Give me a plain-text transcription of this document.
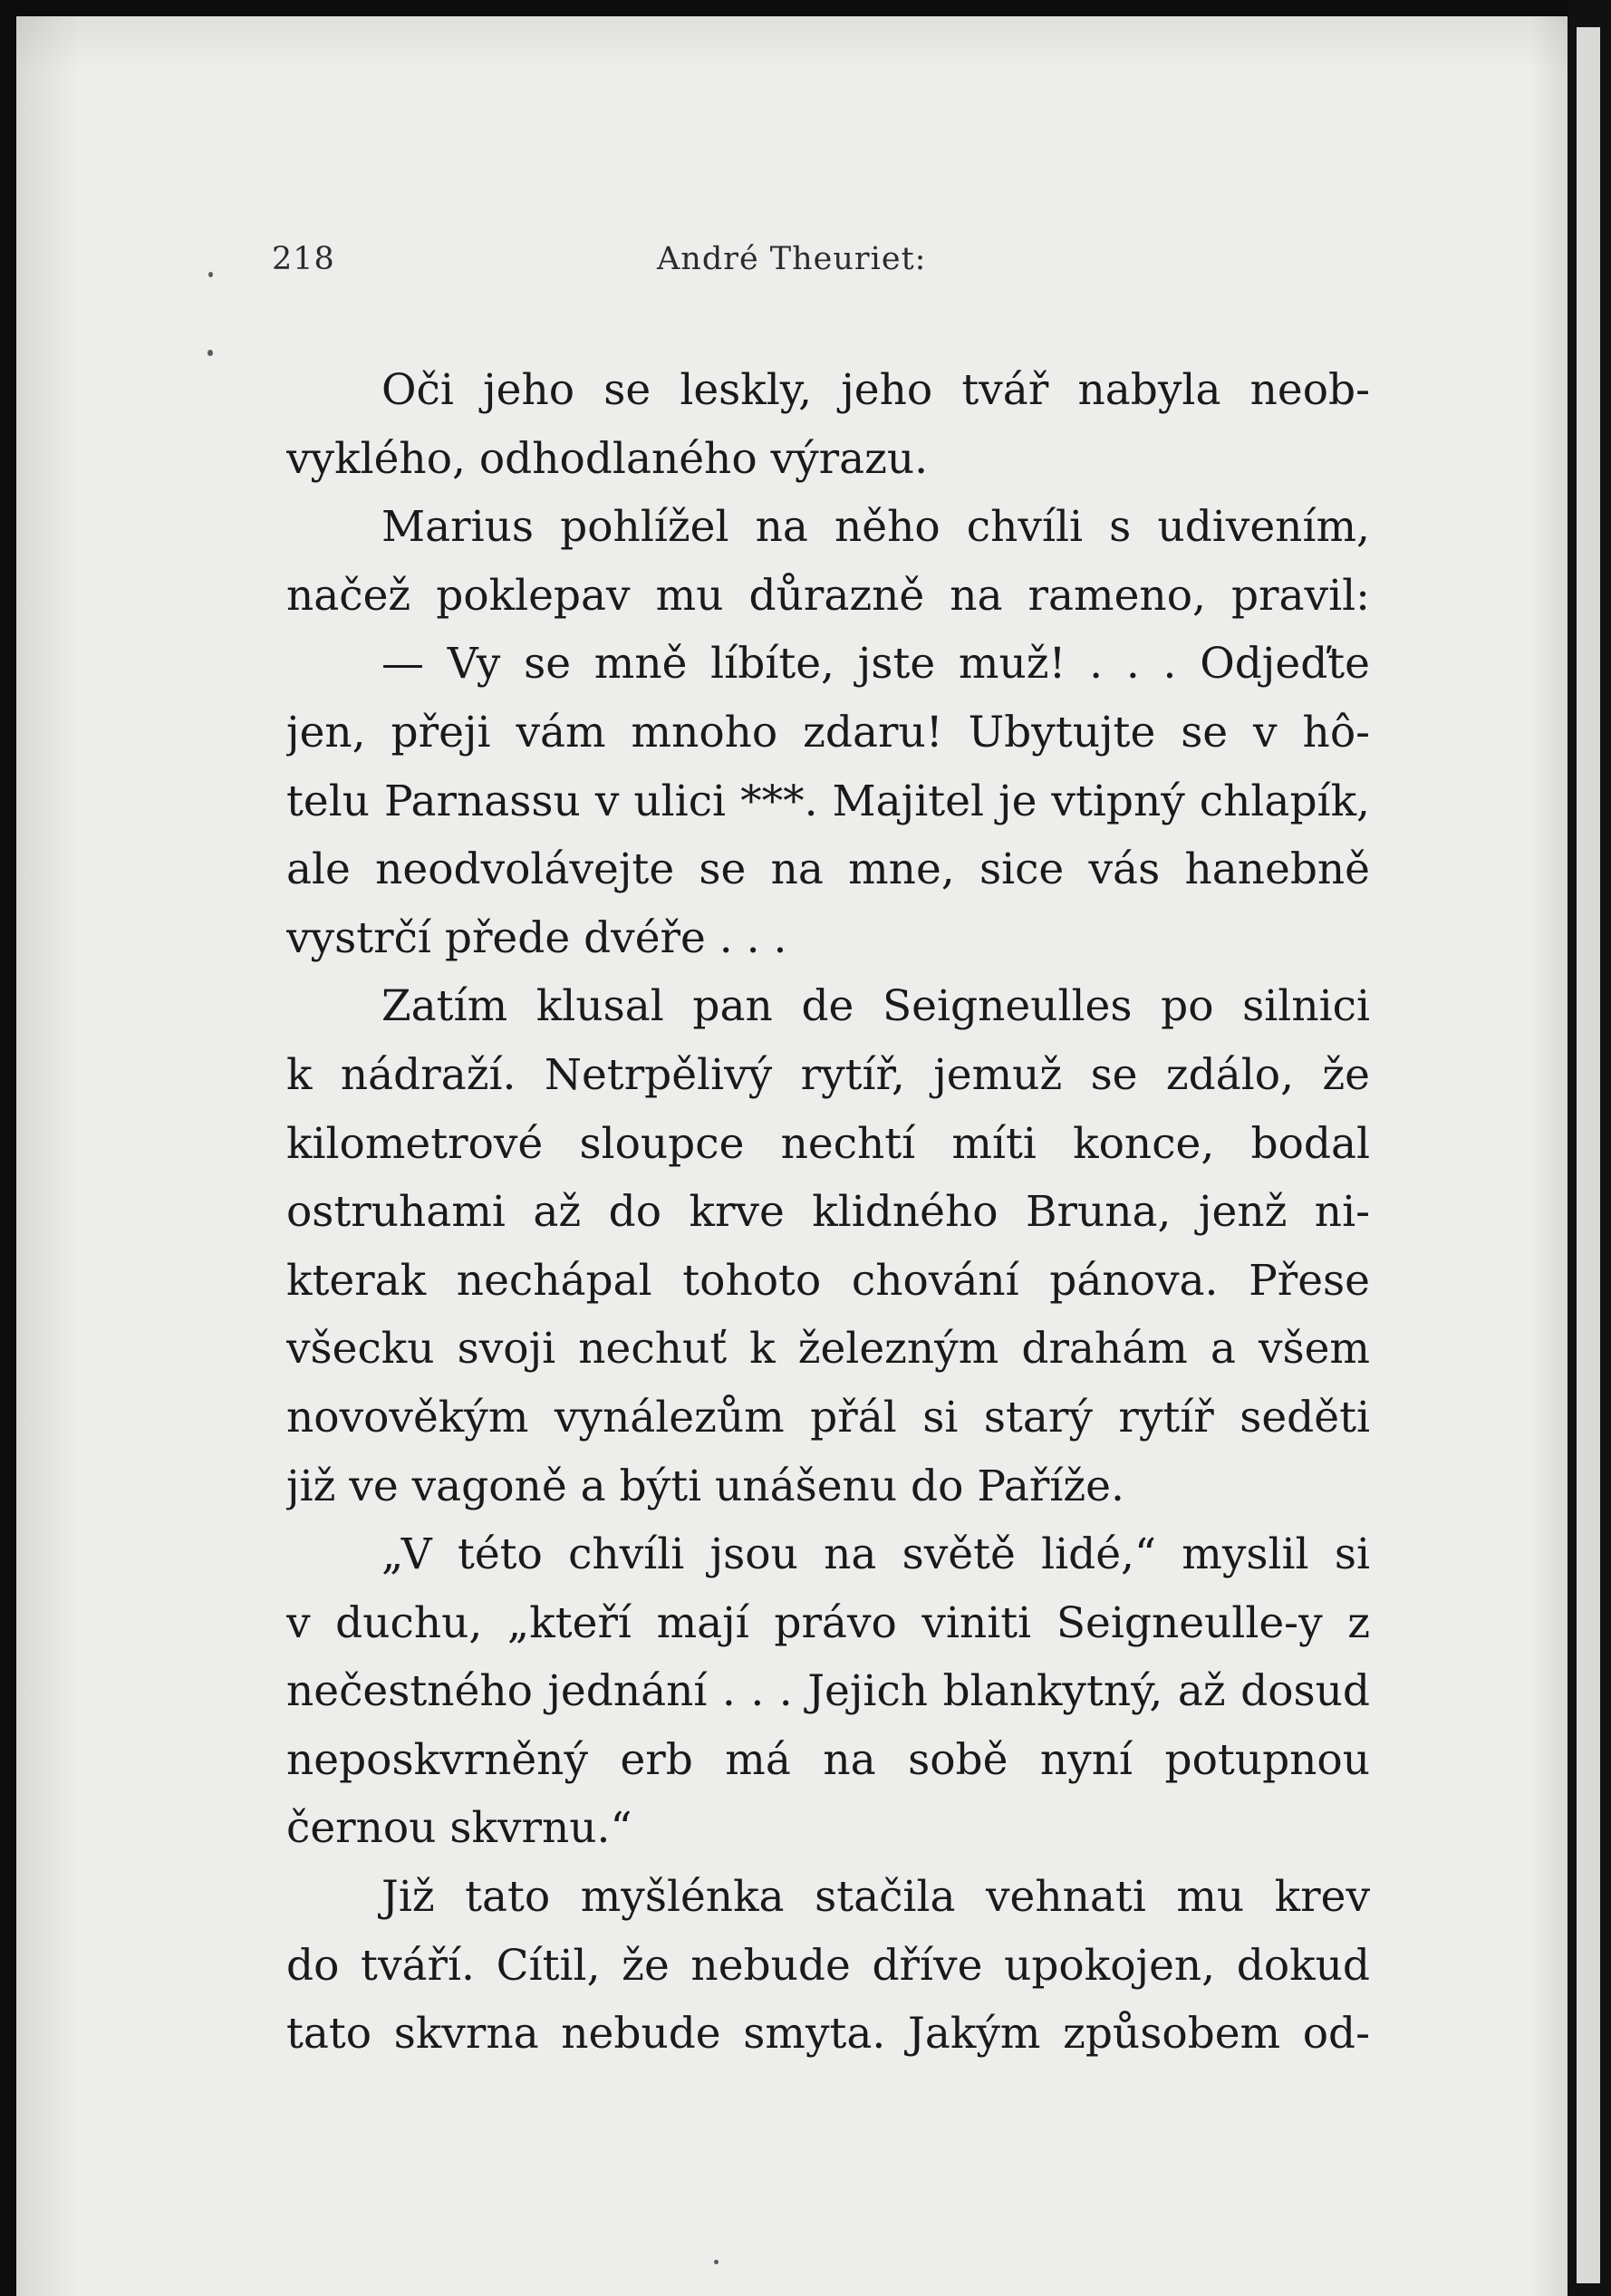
218	André Theuriet:
Oči jeho se leskly, jeho tvář nabyla neob-
vyklého, odhodlaného výrazu.
Marius pohlížel na něho chvíli s udivením,
načež poklepav mu důrazně na rameno, pravil:
— Vy se mně líbíte, jste muž! . . . Odjeďte
jen, přeji vám mnoho zdaru! Ubytujte se v hô-
telu Parnassu v ulici ***. Majitel je vtipný chlapík,
ale neodvolávejte se na mne, sice vás hanebně
vystrčí přede dvéře . . .
Zatím klusal pan de Seigneulles po silnici
k nádraží. Netrpělivý rytíř, jemuž se zdálo, že
kilometrové sloupce nechtí míti konce, bodal
ostruhami až do krve klidného Bruna, jenž ni-
kterak nechápal tohoto chování pánova. Přese
všecku svoji nechuť k železným drahám a všem
novověkým vynálezům přál si starý rytíř seděti
již ve vagoně a býti unášenu do Paříže.
„V této chvíli jsou na světě lidé,“ myslil si
v duchu, „kteří mají právo viniti Seigneulle-y z
nečestného jednání . . . Jejich blankytný, až dosud
neposkvrněný erb má na sobě nyní potupnou
černou skvrnu.“
Již tato myšlénka stačila vehnati mu krev
do tváří. Cítil, že nebude dříve upokojen, dokud
tato skvrna nebude smyta. Jakým způsobem od-
